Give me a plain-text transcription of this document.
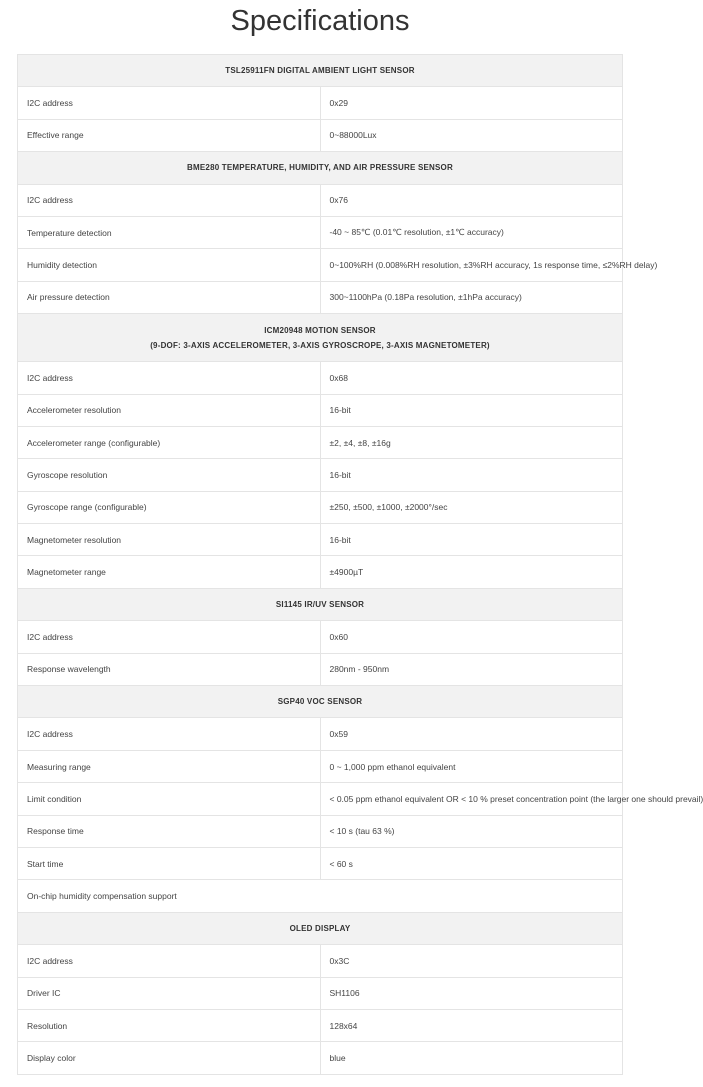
Specifications
TSL25911FN DIGITAL AMBIENT LIGHT SENSOR	
I2C address	0x29
Effective range	0~88000Lux
BME280 TEMPERATURE, HUMIDITY, AND AIR PRESSURE SENSOR	
I2C address	0x76
Temperature detection	-40 ~ 85℃ (0.01℃ resolution, ±1℃ accuracy)
Humidity detection	0~100%RH (0.008%RH resolution, ±3%RH accuracy, 1s response time, ≤2%RH delay)
Air pressure detection	300~1100hPa (0.18Pa resolution, ±1hPa accuracy)

ICM20948 MOTION SENSOR
(9-DOF: 3-AXIS ACCELEROMETER, 3-AXIS GYROSCROPE, 3-AXIS MAGNETOMETER)	

I2C address	0x68
Accelerometer resolution	16-bit
Accelerometer range (configurable)	±2, ±4, ±8, ±16g
Gyroscope resolution	16-bit
Gyroscope range (configurable)	±250, ±500, ±1000, ±2000°/sec
Magnetometer resolution	16-bit
Magnetometer range	±4900µT
SI1145 IR/UV SENSOR	
I2C address	0x60
Response wavelength	280nm - 950nm
SGP40 VOC SENSOR	
I2C address	0x59
Measuring range	0 ~ 1,000 ppm ethanol equivalent
Limit condition	< 0.05 ppm ethanol equivalent OR < 10 % preset concentration point (the larger one should prevail)
Response time	< 10 s (tau 63 %)
Start time	< 60 s
On-chip humidity compensation support	
OLED DISPLAY	
I2C address	0x3C
Driver IC	SH1106
Resolution	128x64
Display color	blue
